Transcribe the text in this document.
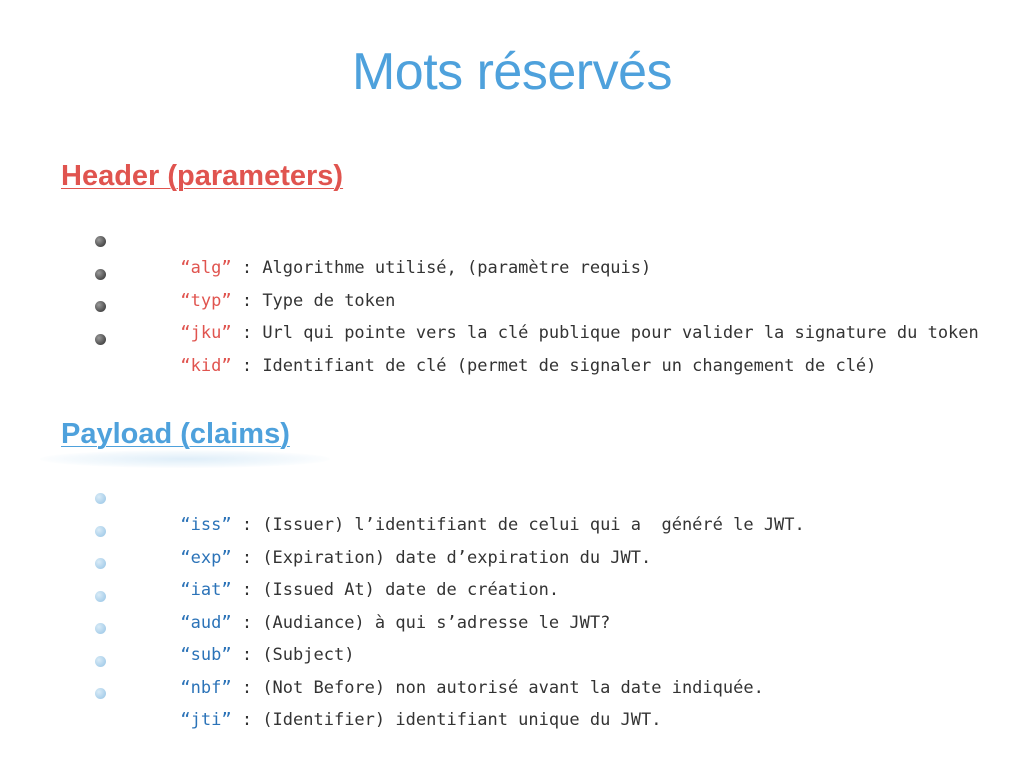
Mots réservés
Header (parameters)

“alg” : Algorithme utilisé, (paramètre requis)

“typ” : Type de token

“jku” : Url qui pointe vers la clé publique pour valider la signature du token

“kid” : Identifiant de clé (permet de signaler un changement de clé)

Payload (claims)

“iss” : (Issuer) l’identifiant de celui qui a  généré le JWT.

“exp” : (Expiration) date d’expiration du JWT.

“iat” : (Issued At) date de création.

“aud” : (Audiance) à qui s’adresse le JWT?

“sub” : (Subject)

“nbf” : (Not Before) non autorisé avant la date indiquée.

“jti” : (Identifier) identifiant unique du JWT.
